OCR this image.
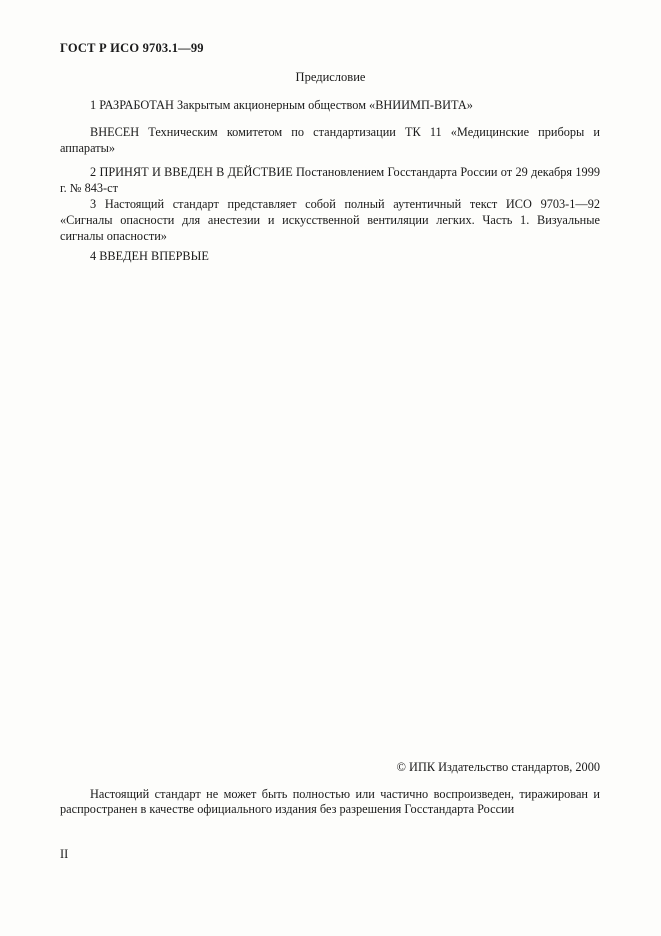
ГОСТ Р ИСО 9703.1—99
Предисловие
1 РАЗРАБОТАН Закрытым акционерным обществом «ВНИИМП-ВИТА»
ВНЕСЕН Техническим комитетом по стандартизации ТК 11 «Медицинские приборы и аппараты»
2 ПРИНЯТ И ВВЕДЕН В ДЕЙСТВИЕ Постановлением Госстандарта России от 29 декабря 1999 г. № 843-ст
3 Настоящий стандарт представляет собой полный аутентичный текст ИСО 9703-1—92 «Сигналы опасности для анестезии и искусственной вентиляции легких. Часть 1. Визуальные сигналы опасности»
4 ВВЕДЕН ВПЕРВЫЕ
© ИПК Издательство стандартов, 2000
Настоящий стандарт не может быть полностью или частично воспроизведен, тиражирован и распространен в качестве официального издания без разрешения Госстандарта России
II
